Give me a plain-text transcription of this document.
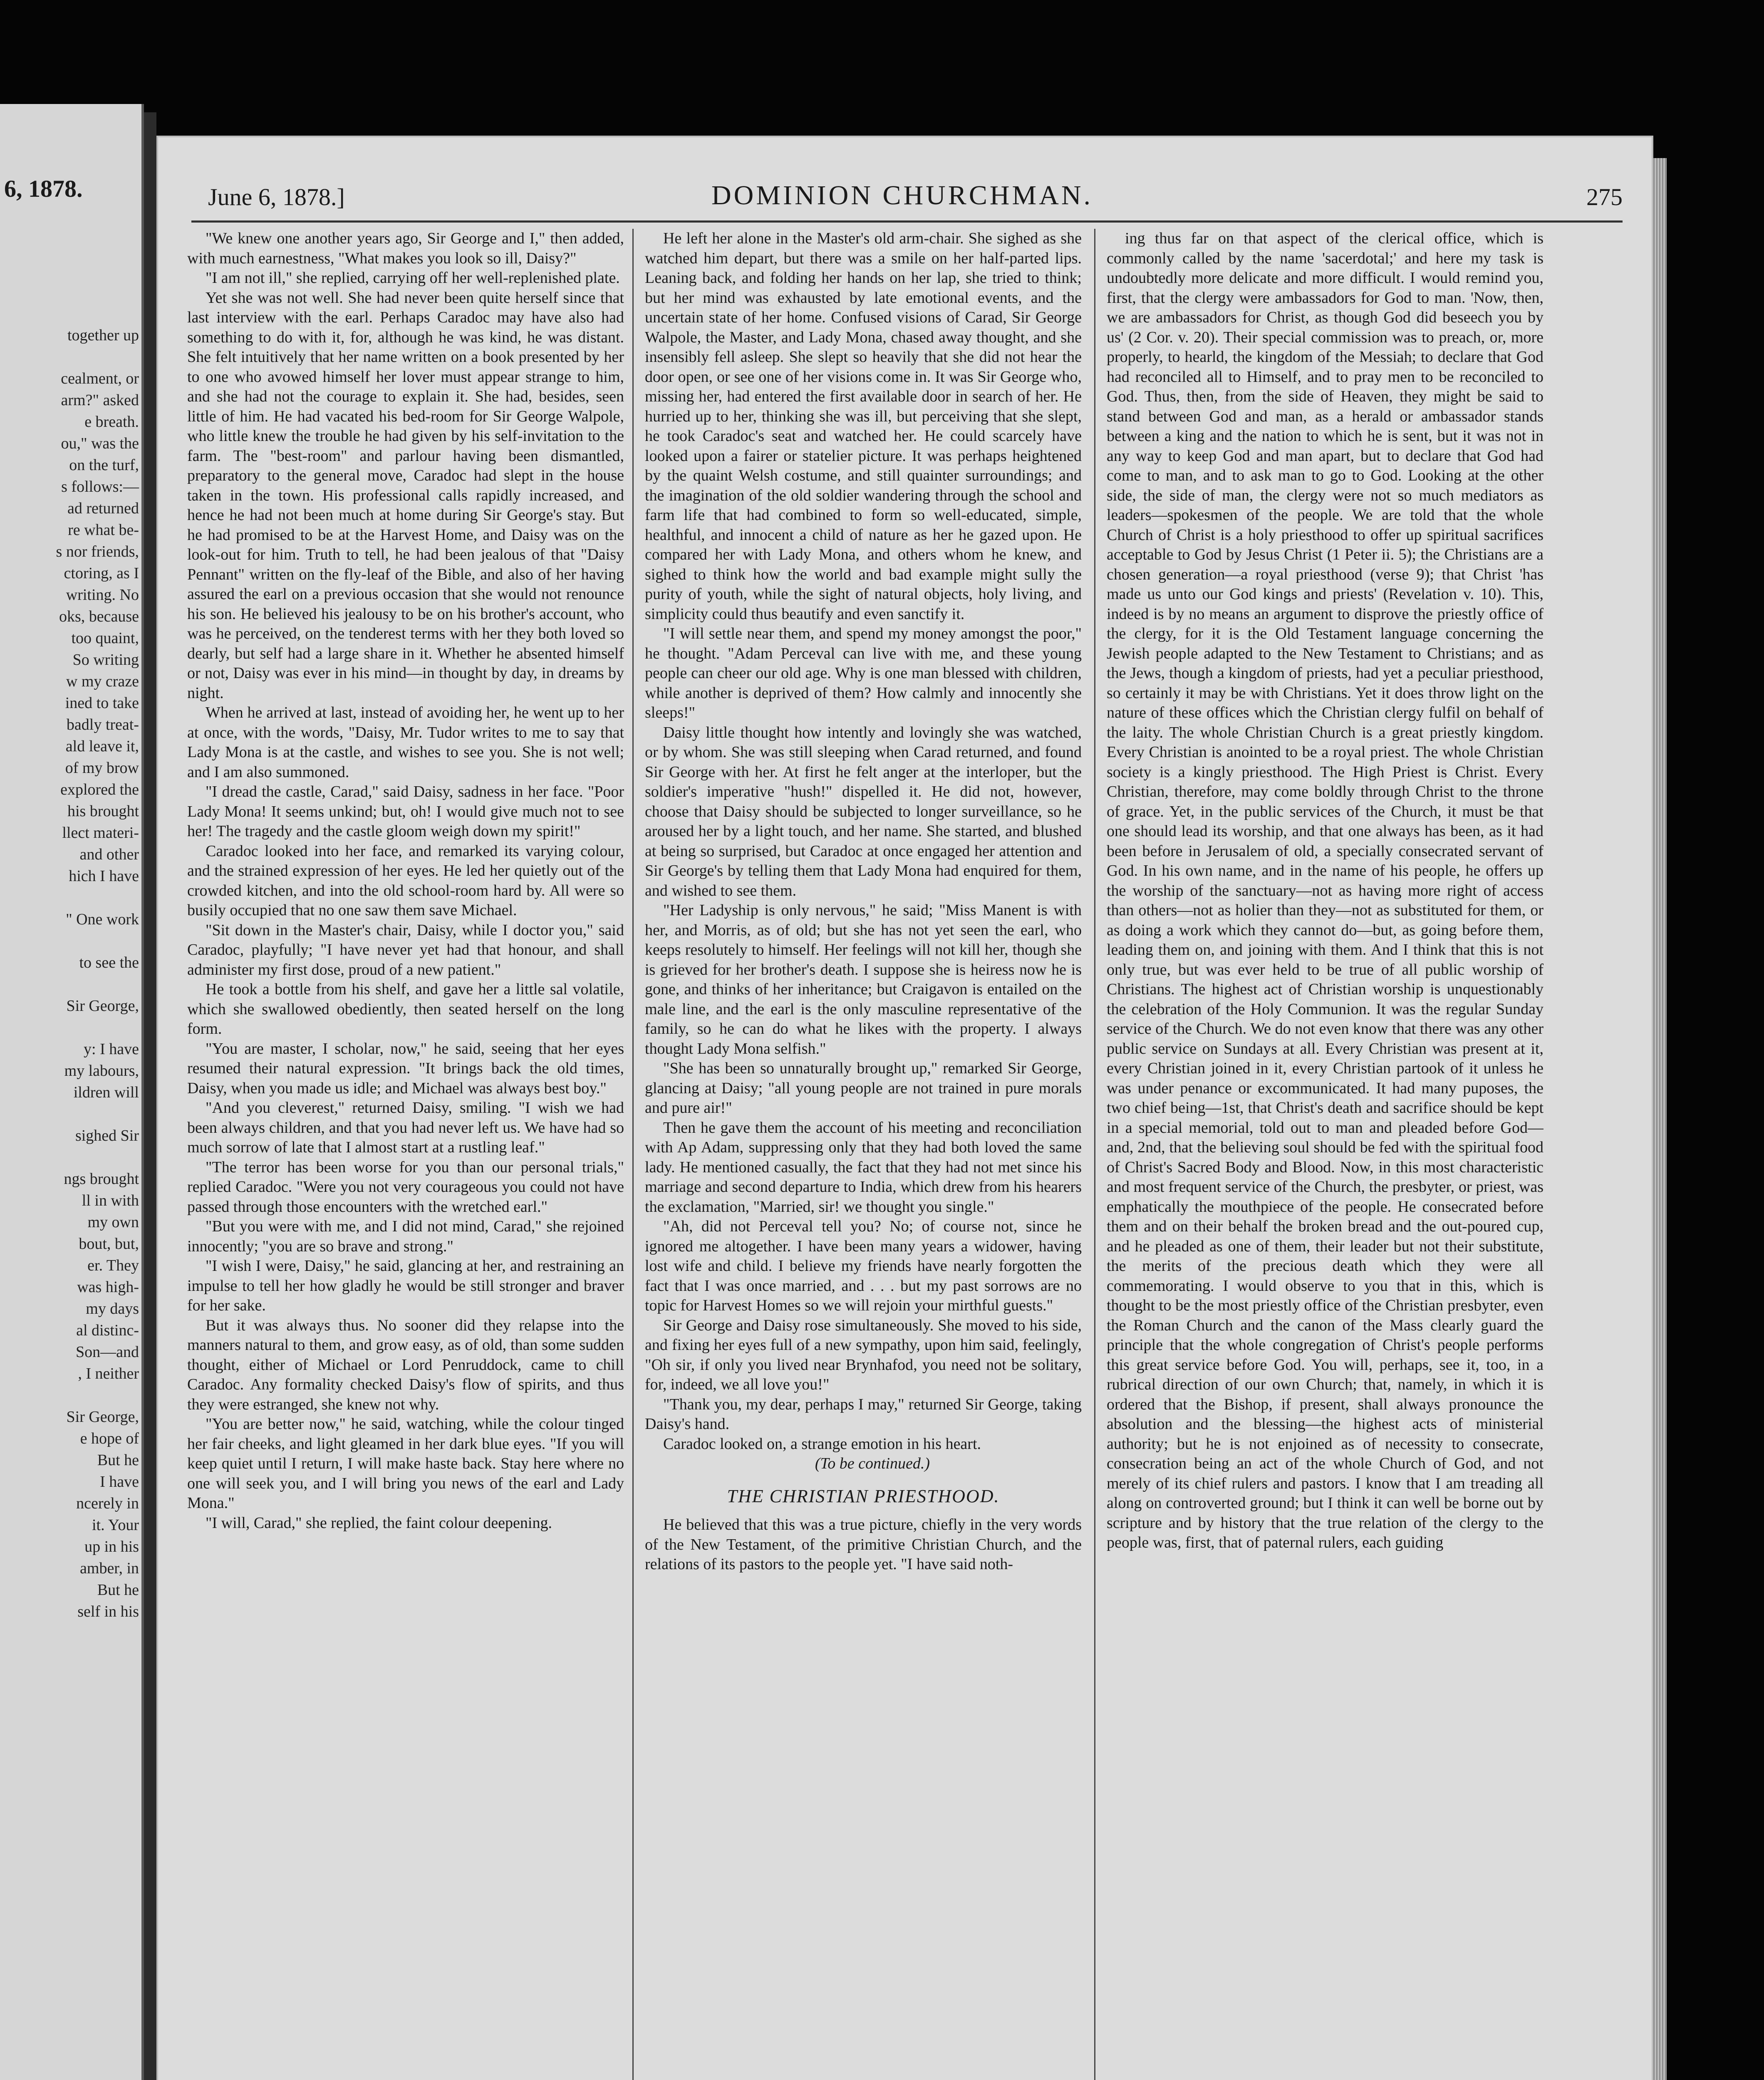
6, 1878.
together up

cealment, or
arm?" asked
e breath.
ou," was the
on the turf,
s follows:—
ad returned
re what be-
s nor friends,
ctoring, as I
writing. No
oks, because
too quaint,
So writing
w my craze
ined to take
badly treat-
ald leave it,
of my brow
explored the
his brought
llect materi-
and other
hich I have

" One work

to see the

Sir George,

y: I have
my labours,
ildren will

sighed Sir

ngs brought
ll in with
my own
bout, but,
er. They
was high-
my days
al distinc-
Son—and
, I neither

Sir George,
e hope of
But he
I have
ncerely in
it. Your
up in his
amber, in
But he
self in his
June 6, 1878.]	DOMINION CHURCHMAN.	275

"We knew one another years ago, Sir George and I," then added, with much earnestness, "What makes you look so ill, Daisy?"

"I am not ill," she replied, carrying off her well-replenished plate.

Yet she was not well. She had never been quite herself since that last interview with the earl. Perhaps Caradoc may have also had something to do with it, for, although he was kind, he was distant. She felt intuitively that her name written on a book presented by her to one who avowed himself her lover must appear strange to him, and she had not the courage to explain it. She had, besides, seen little of him. He had vacated his bed-room for Sir George Walpole, who little knew the trouble he had given by his self-invitation to the farm. The "best-room" and parlour having been dismantled, preparatory to the general move, Caradoc had slept in the house taken in the town. His professional calls rapidly increased, and hence he had not been much at home during Sir George's stay. But he had promised to be at the Harvest Home, and Daisy was on the look-out for him. Truth to tell, he had been jealous of that "Daisy Pennant" written on the fly-leaf of the Bible, and also of her having assured the earl on a previous occasion that she would not renounce his son. He believed his jealousy to be on his brother's account, who was he perceived, on the tenderest terms with her they both loved so dearly, but self had a large share in it. Whether he absented himself or not, Daisy was ever in his mind—in thought by day, in dreams by night.

When he arrived at last, instead of avoiding her, he went up to her at once, with the words, "Daisy, Mr. Tudor writes to me to say that Lady Mona is at the castle, and wishes to see you. She is not well; and I am also summoned.

"I dread the castle, Carad," said Daisy, sadness in her face. "Poor Lady Mona! It seems unkind; but, oh! I would give much not to see her! The tragedy and the castle gloom weigh down my spirit!"

Caradoc looked into her face, and remarked its varying colour, and the strained expression of her eyes. He led her quietly out of the crowded kitchen, and into the old school-room hard by. All were so busily occupied that no one saw them save Michael.

"Sit down in the Master's chair, Daisy, while I doctor you," said Caradoc, playfully; "I have never yet had that honour, and shall administer my first dose, proud of a new patient."

He took a bottle from his shelf, and gave her a little sal volatile, which she swallowed obediently, then seated herself on the long form.

"You are master, I scholar, now," he said, seeing that her eyes resumed their natural expression. "It brings back the old times, Daisy, when you made us idle; and Michael was always best boy."

"And you cleverest," returned Daisy, smiling. "I wish we had been always children, and that you had never left us. We have had so much sorrow of late that I almost start at a rustling leaf."

"The terror has been worse for you than our personal trials," replied Caradoc. "Were you not very courageous you could not have passed through those encounters with the wretched earl."

"But you were with me, and I did not mind, Carad," she rejoined innocently; "you are so brave and strong."

"I wish I were, Daisy," he said, glancing at her, and restraining an impulse to tell her how gladly he would be still stronger and braver for her sake.

But it was always thus. No sooner did they relapse into the manners natural to them, and grow easy, as of old, than some sudden thought, either of Michael or Lord Penruddock, came to chill Caradoc. Any formality checked Daisy's flow of spirits, and thus they were estranged, she knew not why.

"You are better now," he said, watching, while the colour tinged her fair cheeks, and light gleamed in her dark blue eyes. "If you will keep quiet until I return, I will make haste back. Stay here where no one will seek you, and I will bring you news of the earl and Lady Mona."

"I will, Carad," she replied, the faint colour deepening.

He left her alone in the Master's old arm-chair. She sighed as she watched him depart, but there was a smile on her half-parted lips. Leaning back, and folding her hands on her lap, she tried to think; but her mind was exhausted by late emotional events, and the uncertain state of her home. Confused visions of Carad, Sir George Walpole, the Master, and Lady Mona, chased away thought, and she insensibly fell asleep. She slept so heavily that she did not hear the door open, or see one of her visions come in. It was Sir George who, missing her, had entered the first available door in search of her. He hurried up to her, thinking she was ill, but perceiving that she slept, he took Caradoc's seat and watched her. He could scarcely have looked upon a fairer or statelier picture. It was perhaps heightened by the quaint Welsh costume, and still quainter surroundings; and the imagination of the old soldier wandering through the school and farm life that had combined to form so well-educated, simple, healthful, and innocent a child of nature as her he gazed upon. He compared her with Lady Mona, and others whom he knew, and sighed to think how the world and bad example might sully the purity of youth, while the sight of natural objects, holy living, and simplicity could thus beautify and even sanctify it.

"I will settle near them, and spend my money amongst the poor," he thought. "Adam Perceval can live with me, and these young people can cheer our old age. Why is one man blessed with children, while another is deprived of them? How calmly and innocently she sleeps!"

Daisy little thought how intently and lovingly she was watched, or by whom. She was still sleeping when Carad returned, and found Sir George with her. At first he felt anger at the interloper, but the soldier's imperative "hush!" dispelled it. He did not, however, choose that Daisy should be subjected to longer surveillance, so he aroused her by a light touch, and her name. She started, and blushed at being so surprised, but Caradoc at once engaged her attention and Sir George's by telling them that Lady Mona had enquired for them, and wished to see them.

"Her Ladyship is only nervous," he said; "Miss Manent is with her, and Morris, as of old; but she has not yet seen the earl, who keeps resolutely to himself. Her feelings will not kill her, though she is grieved for her brother's death. I suppose she is heiress now he is gone, and thinks of her inheritance; but Craigavon is entailed on the male line, and the earl is the only masculine representative of the family, so he can do what he likes with the property. I always thought Lady Mona selfish."

"She has been so unnaturally brought up," remarked Sir George, glancing at Daisy; "all young people are not trained in pure morals and pure air!"

Then he gave them the account of his meeting and reconciliation with Ap Adam, suppressing only that they had both loved the same lady. He mentioned casually, the fact that they had not met since his marriage and second departure to India, which drew from his hearers the exclamation, "Married, sir! we thought you single."

"Ah, did not Perceval tell you? No; of course not, since he ignored me altogether. I have been many years a widower, having lost wife and child. I believe my friends have nearly forgotten the fact that I was once married, and . . . but my past sorrows are no topic for Harvest Homes so we will rejoin your mirthful guests."

Sir George and Daisy rose simultaneously. She moved to his side, and fixing her eyes full of a new sympathy, upon him said, feelingly, "Oh sir, if only you lived near Brynhafod, you need not be solitary, for, indeed, we all love you!"

"Thank you, my dear, perhaps I may," returned Sir George, taking Daisy's hand.

Caradoc looked on, a strange emotion in his heart.

(To be continued.)

THE CHRISTIAN PRIESTHOOD.

He believed that this was a true picture, chiefly in the very words of the New Testament, of the primitive Christian Church, and the relations of its pastors to the people yet. "I have said noth-

ing thus far on that aspect of the clerical office, which is commonly called by the name 'sacerdotal;' and here my task is undoubtedly more delicate and more difficult. I would remind you, first, that the clergy were ambassadors for God to man. 'Now, then, we are ambassadors for Christ, as though God did beseech you by us' (2 Cor. v. 20). Their special commission was to preach, or, more properly, to hearld, the kingdom of the Messiah; to declare that God had reconciled all to Himself, and to pray men to be reconciled to God. Thus, then, from the side of Heaven, they might be said to stand between God and man, as a herald or ambassador stands between a king and the nation to which he is sent, but it was not in any way to keep God and man apart, but to declare that God had come to man, and to ask man to go to God. Looking at the other side, the side of man, the clergy were not so much mediators as leaders—spokesmen of the people. We are told that the whole Church of Christ is a holy priesthood to offer up spiritual sacrifices acceptable to God by Jesus Christ (1 Peter ii. 5); the Christians are a chosen generation—a royal priesthood (verse 9); that Christ 'has made us unto our God kings and priests' (Revelation v. 10). This, indeed is by no means an argument to disprove the priestly office of the clergy, for it is the Old Testament language concerning the Jewish people adapted to the New Testament to Christians; and as the Jews, though a kingdom of priests, had yet a peculiar priesthood, so certainly it may be with Christians. Yet it does throw light on the nature of these offices which the Christian clergy fulfil on behalf of the laity. The whole Christian Church is a great priestly kingdom. Every Christian is anointed to be a royal priest. The whole Christian society is a kingly priesthood. The High Priest is Christ. Every Christian, therefore, may come boldly through Christ to the throne of grace. Yet, in the public services of the Church, it must be that one should lead its worship, and that one always has been, as it had been before in Jerusalem of old, a specially consecrated servant of God. In his own name, and in the name of his people, he offers up the worship of the sanctuary—not as having more right of access than others—not as holier than they—not as substituted for them, or as doing a work which they cannot do—but, as going before them, leading them on, and joining with them. And I think that this is not only true, but was ever held to be true of all public worship of Christians. The highest act of Christian worship is unquestionably the celebration of the Holy Communion. It was the regular Sunday service of the Church. We do not even know that there was any other public service on Sundays at all. Every Christian was present at it, every Christian joined in it, every Christian partook of it unless he was under penance or excommunicated. It had many puposes, the two chief being—1st, that Christ's death and sacrifice should be kept in a special memorial, told out to man and pleaded before God—and, 2nd, that the believing soul should be fed with the spiritual food of Christ's Sacred Body and Blood. Now, in this most characteristic and most frequent service of the Church, the presbyter, or priest, was emphatically the mouthpiece of the people. He consecrated before them and on their behalf the broken bread and the out-poured cup, and he pleaded as one of them, their leader but not their substitute, the merits of the precious death which they were all commemorating. I would observe to you that in this, which is thought to be the most priestly office of the Christian presbyter, even the Roman Church and the canon of the Mass clearly guard the principle that the whole congregation of Christ's people performs this great service before God. You will, perhaps, see it, too, in a rubrical direction of our own Church; that, namely, in which it is ordered that the Bishop, if present, shall always pronounce the absolution and the blessing—the highest acts of ministerial authority; but he is not enjoined as of necessity to consecrate, consecration being an act of the whole Church of God, and not merely of its chief rulers and pastors. I know that I am treading all along on controverted ground; but I think it can well be borne out by scripture and by history that the true relation of the clergy to the people was, first, that of paternal rulers, each guiding
